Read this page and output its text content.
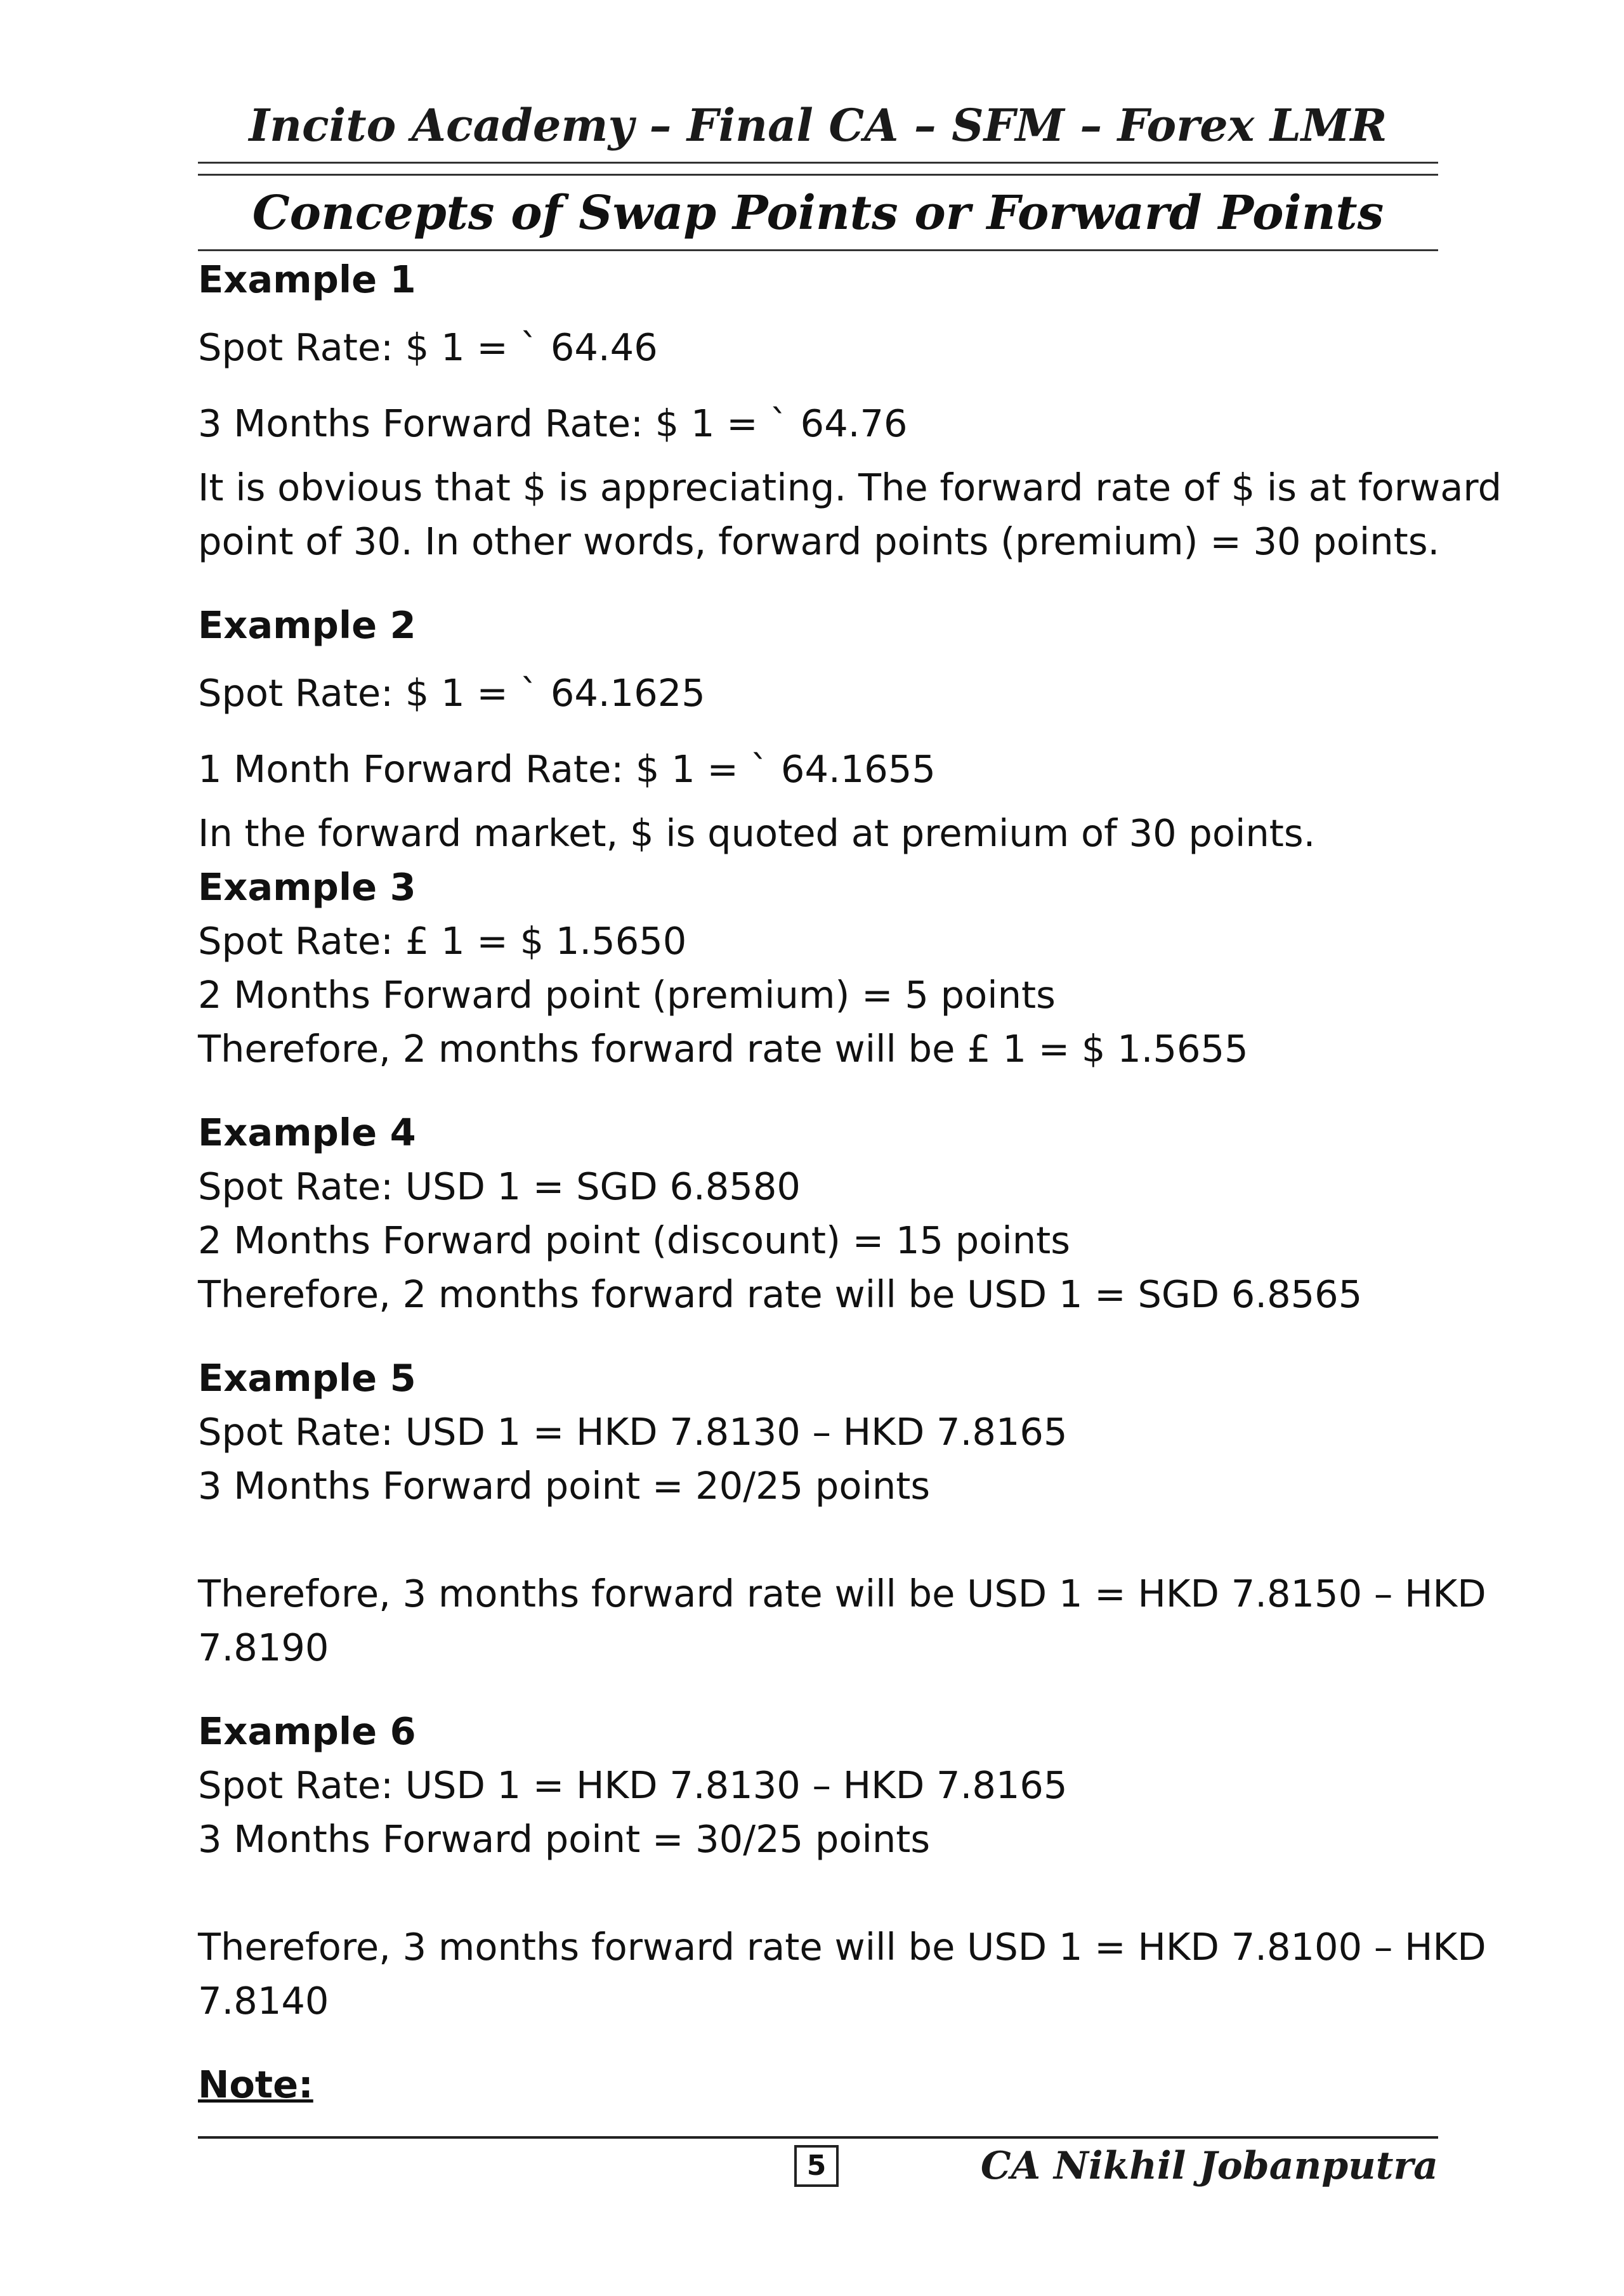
Incito Academy – Final CA – SFM – Forex LMR
Concepts of Swap Points or Forward Points
Example 1
Spot Rate: $ 1 = ` 64.46
3 Months Forward Rate: $ 1 = ` 64.76
It is obvious that $ is appreciating. The forward rate of $ is at forward
point of 30. In other words, forward points (premium) = 30 points.
Example 2
Spot Rate: $ 1 = ` 64.1625
1 Month Forward Rate: $ 1 = ` 64.1655
In the forward market, $ is quoted at premium of 30 points.
Example 3
Spot Rate: £ 1 = $ 1.5650
2 Months Forward point (premium) = 5 points
Therefore, 2 months forward rate will be £ 1 = $ 1.5655
Example 4
Spot Rate: USD 1 = SGD 6.8580
2 Months Forward point (discount) = 15 points
Therefore, 2 months forward rate will be USD 1 = SGD 6.8565
Example 5
Spot Rate: USD 1 = HKD 7.8130 – HKD 7.8165
3 Months Forward point = 20/25 points
Therefore, 3 months forward rate will be USD 1 = HKD 7.8150 – HKD
7.8190
Example 6
Spot Rate: USD 1 = HKD 7.8130 – HKD 7.8165
3 Months Forward point = 30/25 points
Therefore, 3 months forward rate will be USD 1 = HKD 7.8100 – HKD
7.8140
Note:
5	CA Nikhil Jobanputra
